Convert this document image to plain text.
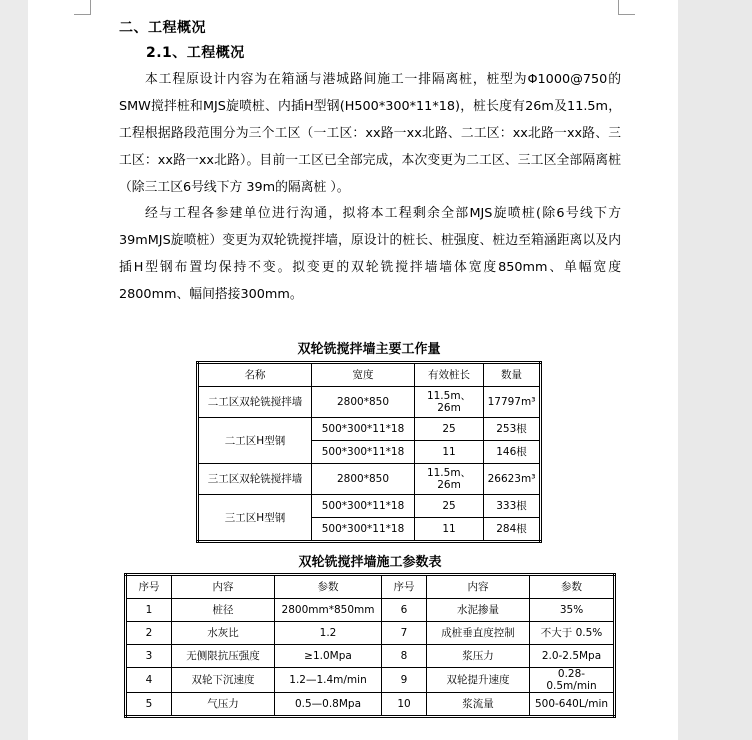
二、工程概况
2.1、工程概况

本工程原设计内容为在箱涵与港城路间施工一排隔离桩，桩型为Φ1000@750的SMW搅拌桩和MJS旋喷桩、内插H型钢(H500*300*11*18)，桩长度有26m及11.5m，工程根据路段范围分为三个工区（一工区：xx路一xx北路、二工区：xx北路一xx路、三工区：xx路一xx北路）。目前一工区已全部完成，本次变更为二工区、三工区全部隔离桩（除三工区6号线下方 39m的隔离桩 ）。

经与工程各参建单位进行沟通，拟将本工程剩余全部MJS旋喷桩(除6号线下方39mMJS旋喷桩）变更为双轮铣搅拌墙，原设计的桩长、桩强度、桩边至箱涵距离以及内插H型钢布置均保持不变。拟变更的双轮铣搅拌墙墙体宽度850mm、单幅宽度 2800mm、幅间搭接300mm。

双轮铣搅拌墙主要工作量
名称	宽度	有效桩长	数量
二工区双轮铣搅拌墙	2800*850	11.5m、26m	17797m³
二工区H型钢	500*300*11*18	25	253根
	500*300*11*18	11	146根
三工区双轮铣搅拌墙	2800*850	11.5m、26m	26623m³
三工区H型钢	500*300*11*18	25	333根
	500*300*11*18	11	284根
双轮铣搅拌墙施工参数表
序号	内容	参数	序号	内容	参数
1	桩径	2800mm*850mm	6	水泥掺量	35%
2	水灰比	1.2	7	成桩垂直度控制	不大于 0.5%
3	无侧限抗压强度	≥1.0Mpa	8	浆压力	2.0-2.5Mpa
4	双轮下沉速度	1.2—1.4m/min	9	双轮提升速度	0.28-0.5m/min
5	气压力	0.5—0.8Mpa	10	浆流量	500-640L/min
